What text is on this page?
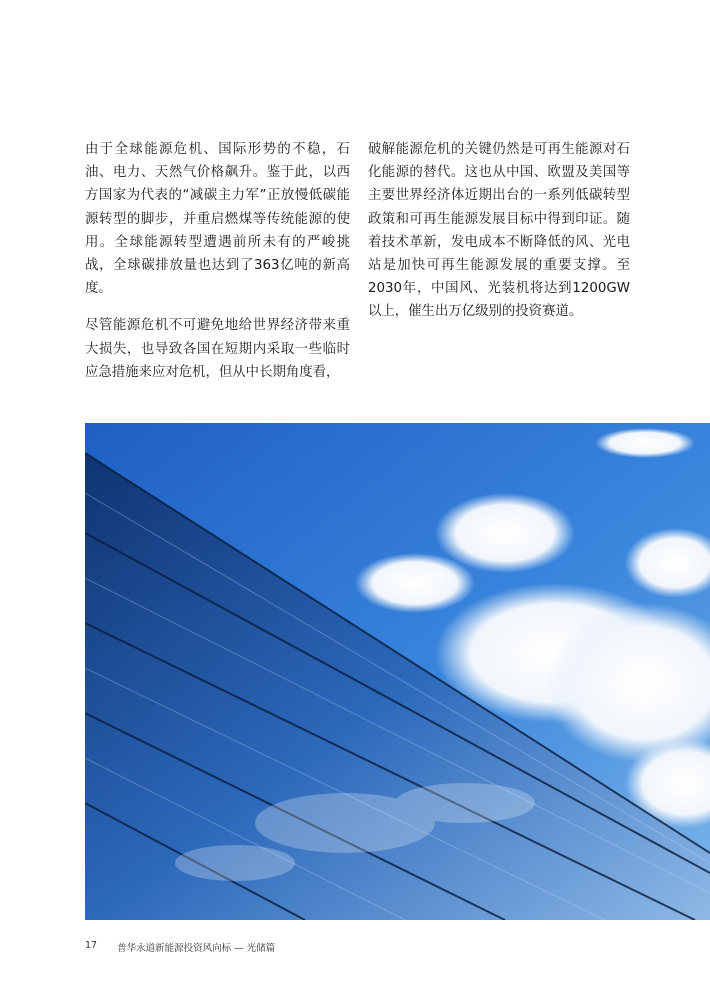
由于全球能源危机、国际形势的不稳，石油、电力、天然气价格飙升。鉴于此，以西方国家为代表的“减碳主力军”正放慢低碳能源转型的脚步，并重启燃煤等传统能源的使用。全球能源转型遭遇前所未有的严峻挑战，全球碳排放量也达到了363亿吨的新高度。

尽管能源危机不可避免地给世界经济带来重大损失，也导致各国在短期内采取一些临时应急措施来应对危机，但从中长期角度看，

破解能源危机的关键仍然是可再生能源对石化能源的替代。这也从中国、欧盟及美国等主要世界经济体近期出台的一系列低碳转型政策和可再生能源发展目标中得到印证。随着技术革新，发电成本不断降低的风、光电站是加快可再生能源发展的重要支撑。至2030年，中国风、光装机将达到1200GW以上，催生出万亿级别的投资赛道。

17 普华永道新能源投资风向标 — 光储篇
